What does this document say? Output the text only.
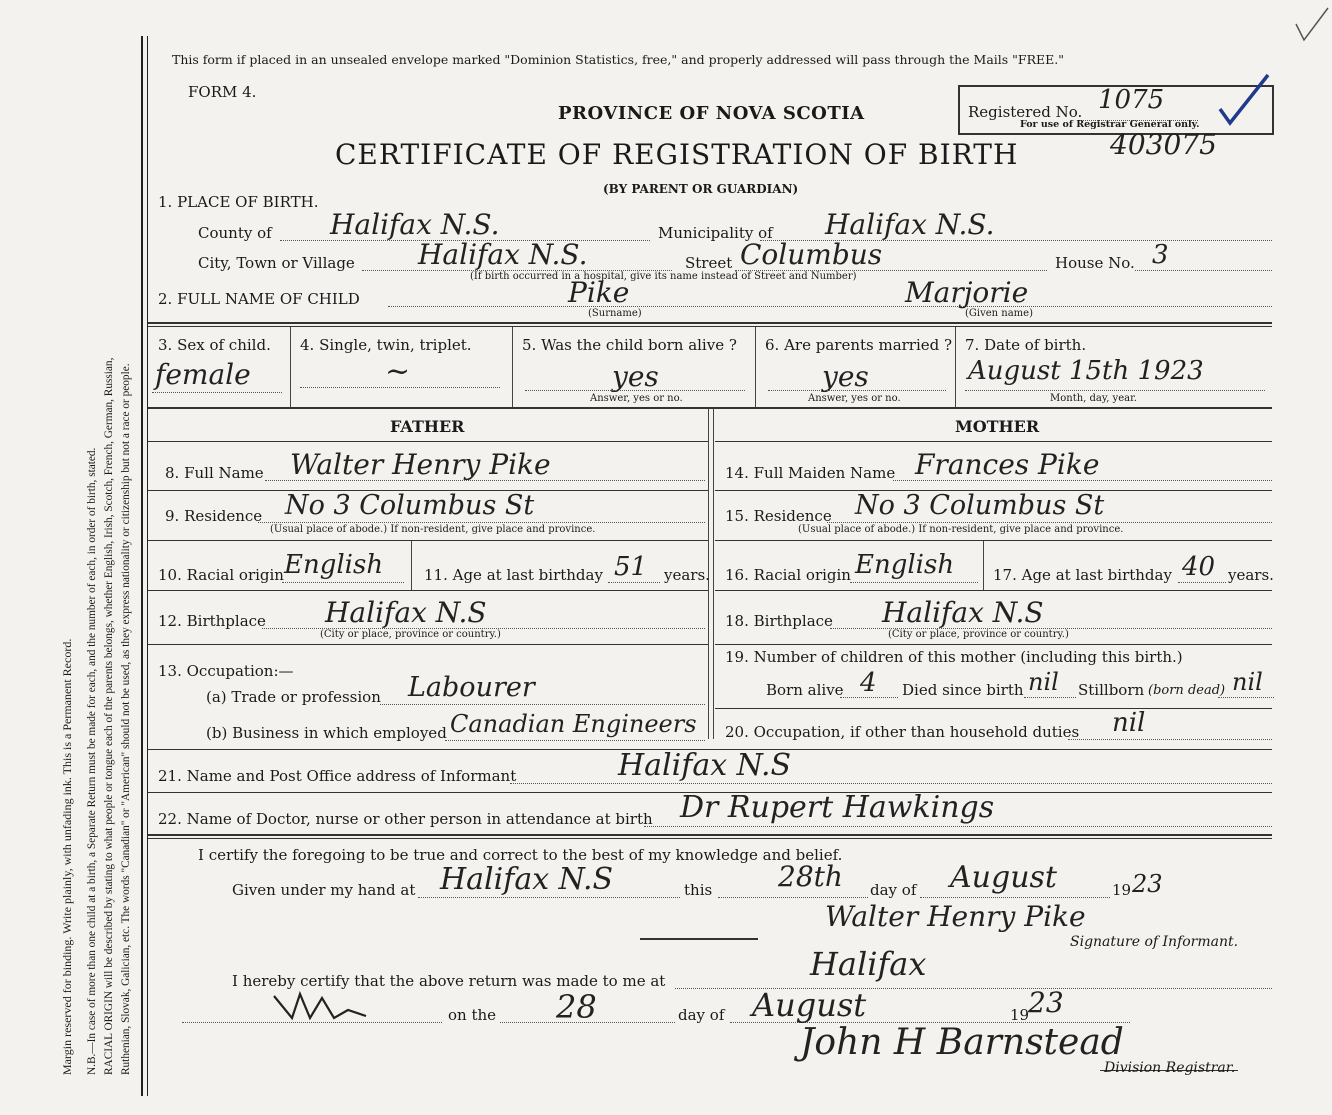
Margin reserved for binding. Write plainly, with unfading ink. This is a Permanent Record. N.B.—In case of more than one child at a birth, a Separate Return must be made for each, and the number of each, in order of birth, stated. RACIAL ORIGIN will be described by stating to what people or tongue each of the parents belongs, whether English, Irish, Scotch, French, German, Russian, Ruthenian, Slovak, Galician, etc. The words "Canadian" or "American" should not be used, as they express nationality or citizenship but not a race or people.
This form if placed in an unsealed envelope marked "Dominion Statistics, free," and properly addressed will pass through the Mails "FREE."
FORM 4.
PROVINCE OF NOVA SCOTIA	Registered No. 1075
For use of Registrar General only.
CERTIFICATE OF REGISTRATION OF BIRTH	403075
(BY PARENT OR GUARDIAN)
1. PLACE OF BIRTH.
County of Halifax N.S.	Municipality of Halifax N.S.
City, Town or Village Halifax N.S.	Street Columbus	House No. 3
(If birth occurred in a hospital, give its name instead of Street and Number)
2. FULL NAME OF CHILD	Pike
(Surname)
Marjorie
(Given name)
3. Sex of child.
female
4. Single, twin, triplet.
~
5. Was the child born alive ?
yes
Answer, yes or no.
6. Are parents married ?
yes
Answer, yes or no.
7. Date of birth.
August 15th 1923
Month, day, year.
FATHER	MOTHER
8. Full Name Walter Henry Pike
9. Residence No 3 Columbus St
(Usual place of abode.) If non-resident, give place and province.
10. Racial origin English	11. Age at last birthday 51 years.
12. Birthplace Halifax N.S
(City or place, province or country.)
13. Occupation:—
(a) Trade or profession Labourer
(b) Business in which employed Canadian Engineers
14. Full Maiden Name Frances Pike
15. Residence No 3 Columbus St
(Usual place of abode.) If non-resident, give place and province.
16. Racial origin English	17. Age at last birthday 40 years.
18. Birthplace Halifax N.S
(City or place, province or country.)
19. Number of children of this mother (including this birth.)
Born alive 4 Died since birth nil Stillborn (born dead) nil
20. Occupation, if other than household duties nil
21. Name and Post Office address of Informant	Halifax N.S
22. Name of Doctor, nurse or other person in attendance at birth Dr Rupert Hawkings
I certify the foregoing to be true and correct to the best of my knowledge and belief.
Given under my hand at Halifax N.S	this 28th day of August	19 23
Walter Henry Pike
Signature of Informant.
I hereby certify that the above return was made to me at	Halifax
on the 28	day of August	19
23
John H Barnstead
Division Registrar.
